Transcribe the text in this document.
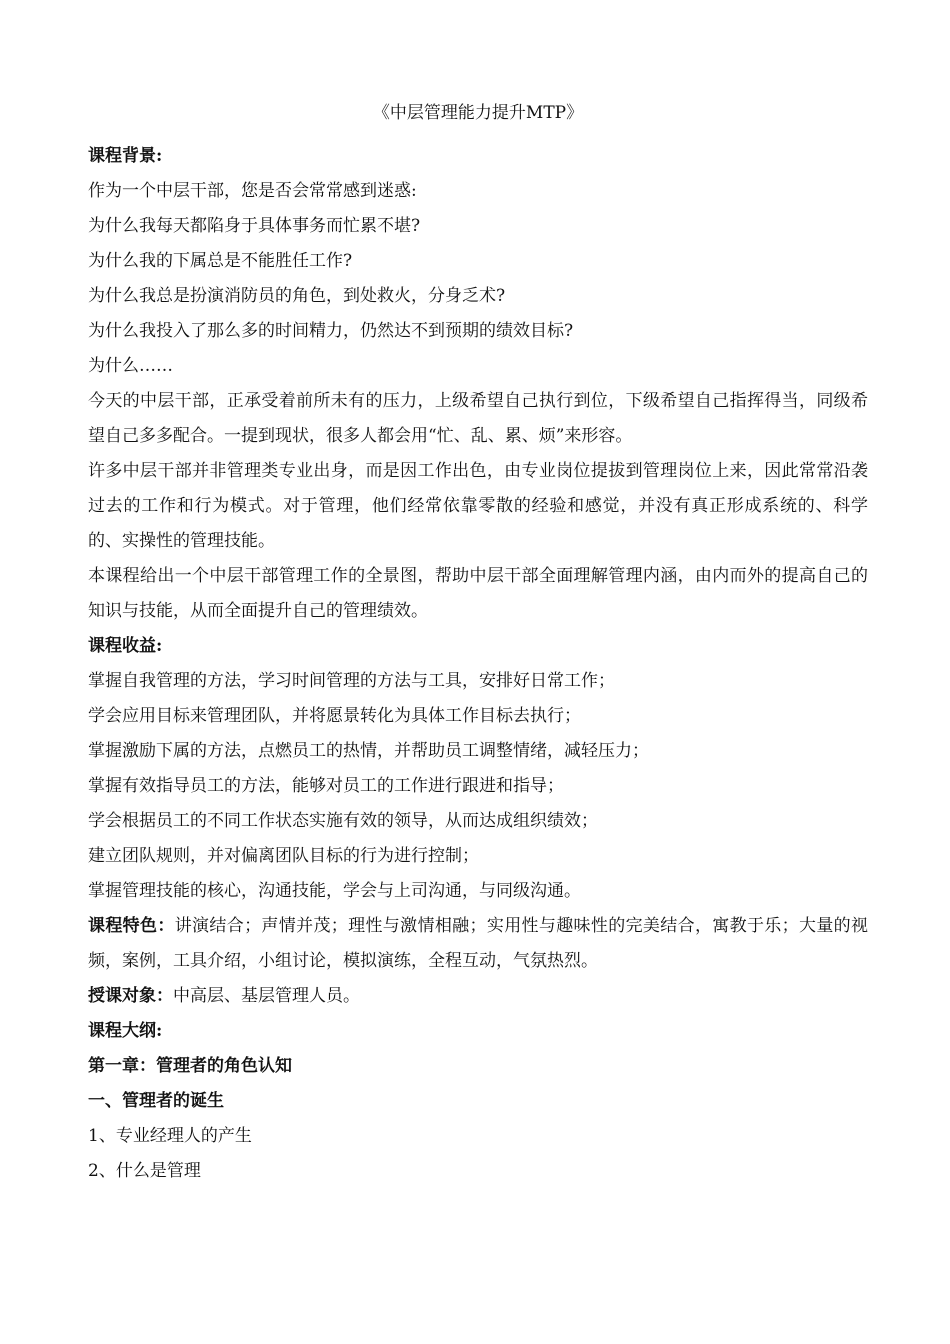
《中层管理能力提升MTP》

课程背景:

作为一个中层干部，您是否会常常感到迷惑:

为什么我每天都陷身于具体事务而忙累不堪?

为什么我的下属总是不能胜任工作?

为什么我总是扮演消防员的角色，到处救火，分身乏术?

为什么我投入了那么多的时间精力，仍然达不到预期的绩效目标?

为什么……

今天的中层干部，正承受着前所未有的压力，上级希望自己执行到位，下级希望自己指挥得当，同级希望自己多多配合。一提到现状，很多人都会用“忙、乱、累、烦”来形容。

许多中层干部并非管理类专业出身，而是因工作出色，由专业岗位提拔到管理岗位上来，因此常常沿袭过去的工作和行为模式。对于管理，他们经常依靠零散的经验和感觉，并没有真正形成系统的、科学的、实操性的管理技能。

本课程给出一个中层干部管理工作的全景图，帮助中层干部全面理解管理内涵，由内而外的提高自己的知识与技能，从而全面提升自己的管理绩效。

课程收益:

掌握自我管理的方法，学习时间管理的方法与工具，安排好日常工作；

学会应用目标来管理团队，并将愿景转化为具体工作目标去执行；

掌握激励下属的方法，点燃员工的热情，并帮助员工调整情绪，减轻压力；

掌握有效指导员工的方法，能够对员工的工作进行跟进和指导；

学会根据员工的不同工作状态实施有效的领导，从而达成组织绩效；

建立团队规则，并对偏离团队目标的行为进行控制；

掌握管理技能的核心，沟通技能，学会与上司沟通，与同级沟通。

课程特色：讲演结合；声情并茂；理性与激情相融；实用性与趣味性的完美结合，寓教于乐；大量的视频，案例，工具介绍，小组讨论，模拟演练，全程互动，气氛热烈。

授课对象：中高层、基层管理人员。

课程大纲:

第一章：管理者的角色认知

一、管理者的诞生

1、专业经理人的产生

2、什么是管理
